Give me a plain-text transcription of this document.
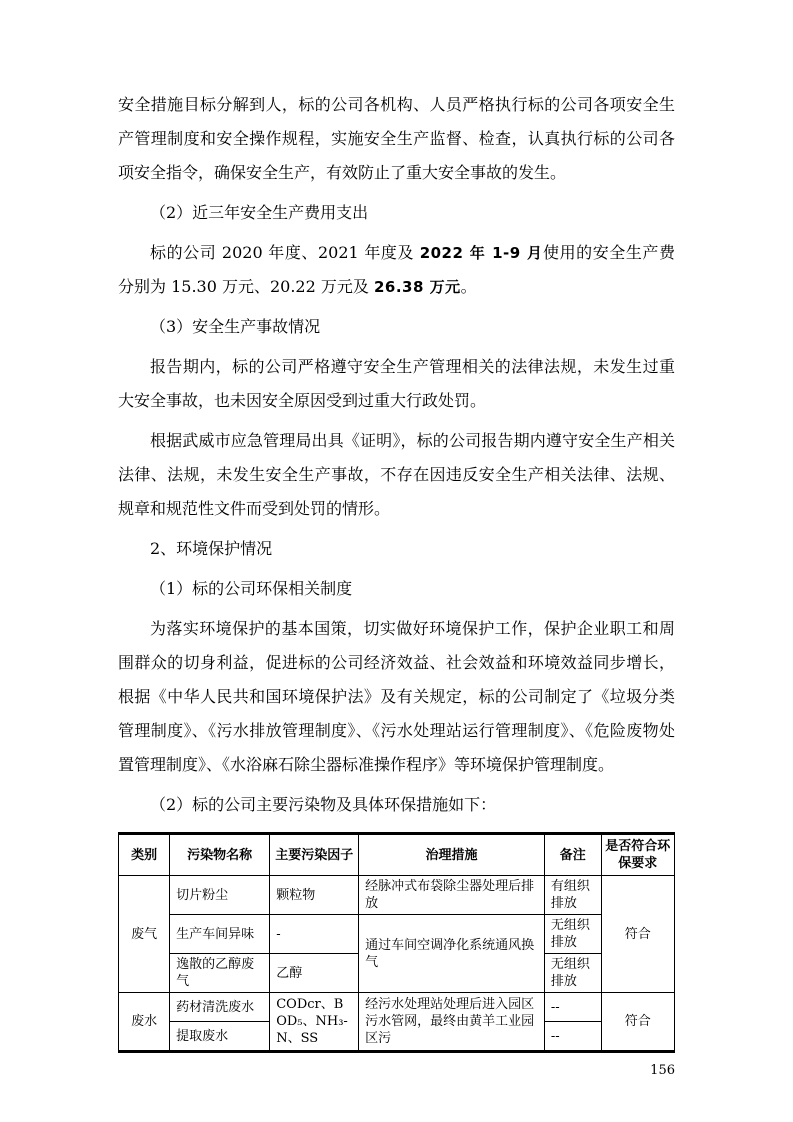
安全措施目标分解到人，标的公司各机构、人员严格执行标的公司各项安全生产管理制度和安全操作规程，实施安全生产监督、检查，认真执行标的公司各项安全指令，确保安全生产，有效防止了重大安全事故的发生。

（2）近三年安全生产费用支出

标的公司 2020 年度、2021 年度及 2022 年 1-9 月使用的安全生产费分别为 15.30 万元、20.22 万元及 26.38 万元。

（3）安全生产事故情况

报告期内，标的公司严格遵守安全生产管理相关的法律法规，未发生过重大安全事故，也未因安全原因受到过重大行政处罚。

根据武威市应急管理局出具《证明》，标的公司报告期内遵守安全生产相关法律、法规，未发生安全生产事故，不存在因违反安全生产相关法律、法规、规章和规范性文件而受到处罚的情形。

2、环境保护情况

（1）标的公司环保相关制度

为落实环境保护的基本国策，切实做好环境保护工作，保护企业职工和周围群众的切身利益，促进标的公司经济效益、社会效益和环境效益同步增长，根据《中华人民共和国环境保护法》及有关规定，标的公司制定了《垃圾分类管理制度》、《污水排放管理制度》、《污水处理站运行管理制度》、《危险废物处置管理制度》、《水浴麻石除尘器标准操作程序》等环境保护管理制度。

（2）标的公司主要污染物及具体环保措施如下：

类别	污染物名称	主要污染因子	治理措施	备注	是否符合环保要求
废气	切片粉尘	颗粒物	经脉冲式布袋除尘器处理后排放	有组织排放	符合
	生产车间异味	-	通过车间空调净化系统通风换气	无组织排放	
	逸散的乙醇废气	乙醇		无组织排放	
废水	药材清洗废水	CODcr、BOD₅、NH₃-N、SS	经污水处理站处理后进入园区污水管网，最终由黄羊工业园区污	--	符合
	提取废水			--	
156
